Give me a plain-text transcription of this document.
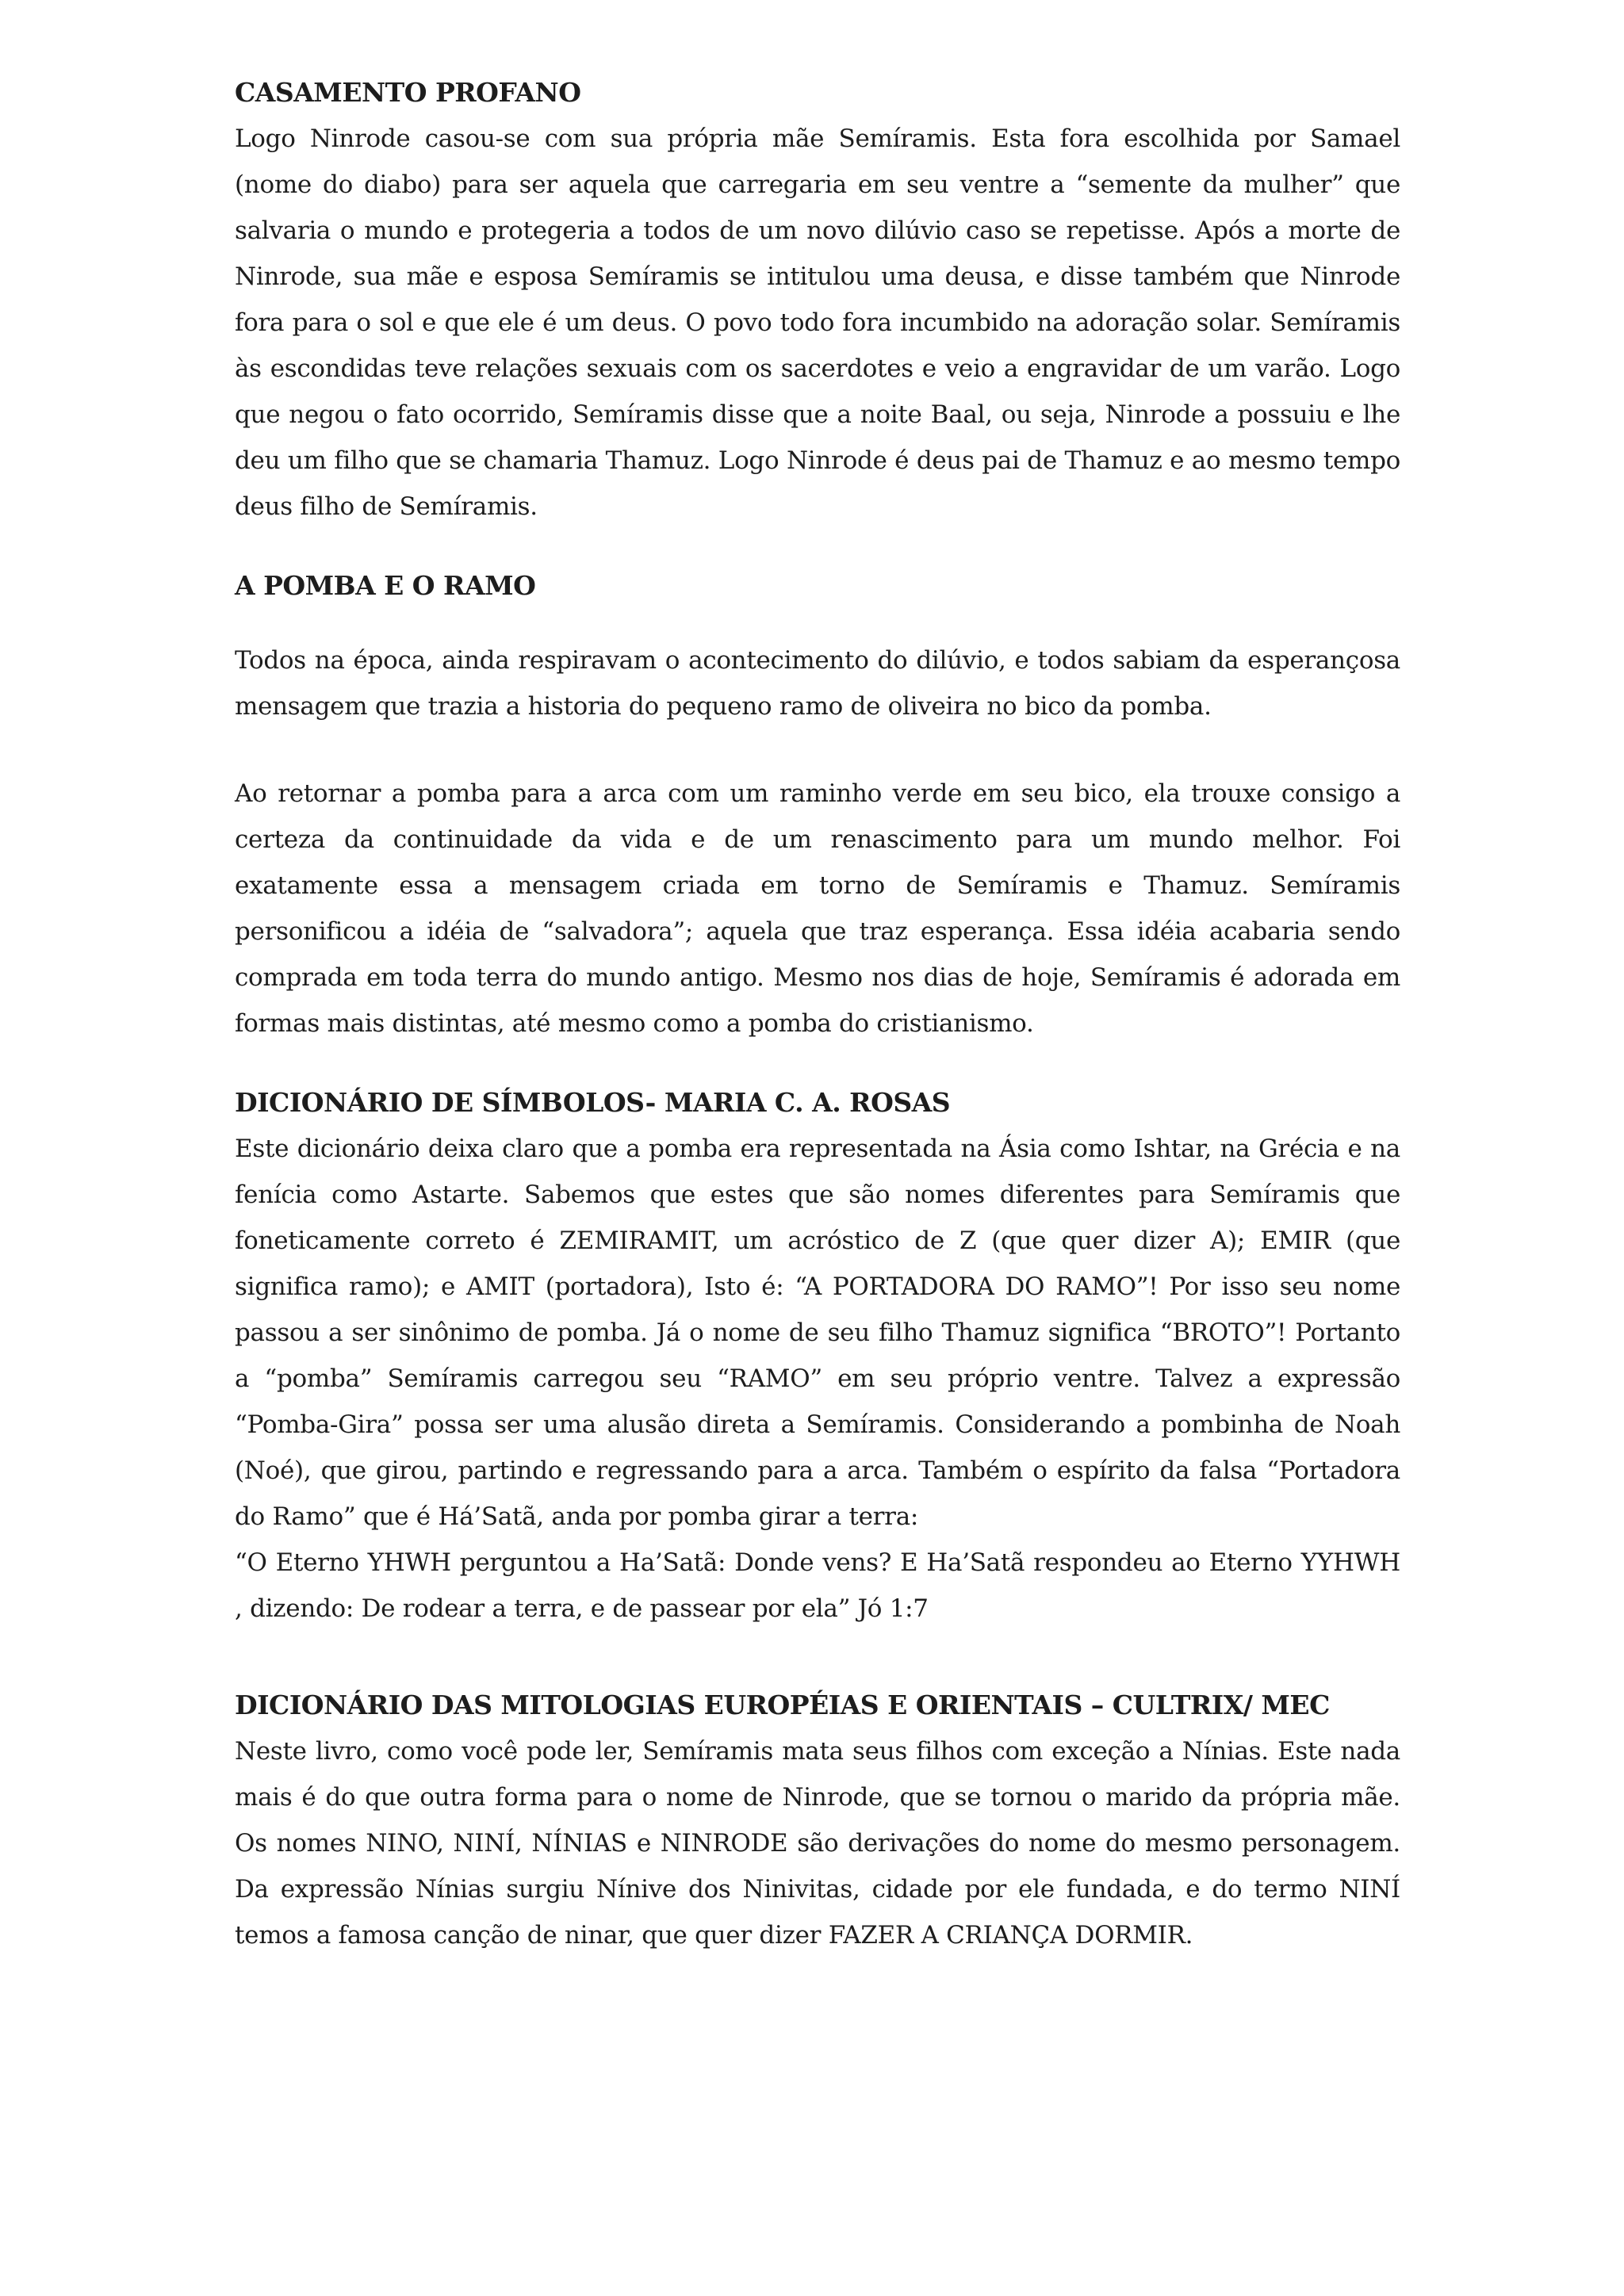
CASAMENTO PROFANO

Logo Ninrode casou-se com sua própria mãe Semíramis. Esta fora escolhida por Samael (nome do diabo) para ser aquela que carregaria em seu ventre a “semente da mulher” que salvaria o mundo e protegeria a todos de um novo dilúvio caso se repetisse. Após a morte de Ninrode, sua mãe e esposa Semíramis se intitulou uma deusa, e disse também que Ninrode fora para o sol e que ele é um deus. O povo todo fora incumbido na adoração solar. Semíramis às escondidas teve relações sexuais com os sacerdotes e veio a engravidar de um varão. Logo que negou o fato ocorrido, Semíramis disse que a noite Baal, ou seja, Ninrode a possuiu e lhe deu um filho que se chamaria Thamuz. Logo Ninrode é deus pai de Thamuz e ao mesmo tempo deus filho de Semíramis.

A POMBA E O RAMO

Todos na época, ainda respiravam o acontecimento do dilúvio, e todos sabiam da esperançosa mensagem que trazia a historia do pequeno ramo de oliveira no bico da pomba.

Ao retornar a pomba para a arca com um raminho verde em seu bico, ela trouxe consigo a certeza da continuidade da vida e de um renascimento para um mundo melhor. Foi exatamente essa a mensagem criada em torno de Semíramis e Thamuz. Semíramis personificou a idéia de “salvadora”; aquela que traz esperança. Essa idéia acabaria sendo comprada em toda terra do mundo antigo. Mesmo nos dias de hoje, Semíramis é adorada em formas mais distintas, até mesmo como a pomba do cristianismo.

DICIONÁRIO DE SÍMBOLOS- MARIA C. A. ROSAS

Este dicionário deixa claro que a pomba era representada na Ásia como Ishtar, na Grécia e na fenícia como Astarte. Sabemos que estes que são nomes diferentes para Semíramis que foneticamente correto é ZEMIRAMIT, um acróstico de Z (que quer dizer A); EMIR (que significa ramo); e AMIT (portadora), Isto é: “A PORTADORA DO RAMO”! Por isso seu nome passou a ser sinônimo de pomba. Já o nome de seu filho Thamuz significa “BROTO”! Portanto a “pomba” Semíramis carregou seu “RAMO” em seu próprio ventre. Talvez a expressão “Pomba-Gira” possa ser uma alusão direta a Semíramis. Considerando a pombinha de Noah (Noé), que girou, partindo e regressando para a arca. Também o espírito da falsa “Portadora do Ramo” que é Há’Satã, anda por pomba girar a terra:

“O Eterno YHWH perguntou a Ha’Satã: Donde vens? E Ha’Satã respondeu ao Eterno YYHWH , dizendo: De rodear a terra, e de passear por ela” Jó 1:7

DICIONÁRIO DAS MITOLOGIAS EUROPÉIAS E ORIENTAIS – CULTRIX/ MEC

Neste livro, como você pode ler, Semíramis mata seus filhos com exceção a Nínias. Este nada mais é do que outra forma para o nome de Ninrode, que se tornou o marido da própria mãe. Os nomes NINO, NINÍ, NÍNIAS e NINRODE são derivações do nome do mesmo personagem. Da expressão Nínias surgiu Nínive dos Ninivitas, cidade por ele fundada, e do termo NINÍ temos a famosa canção de ninar, que quer dizer FAZER A CRIANÇA DORMIR.
